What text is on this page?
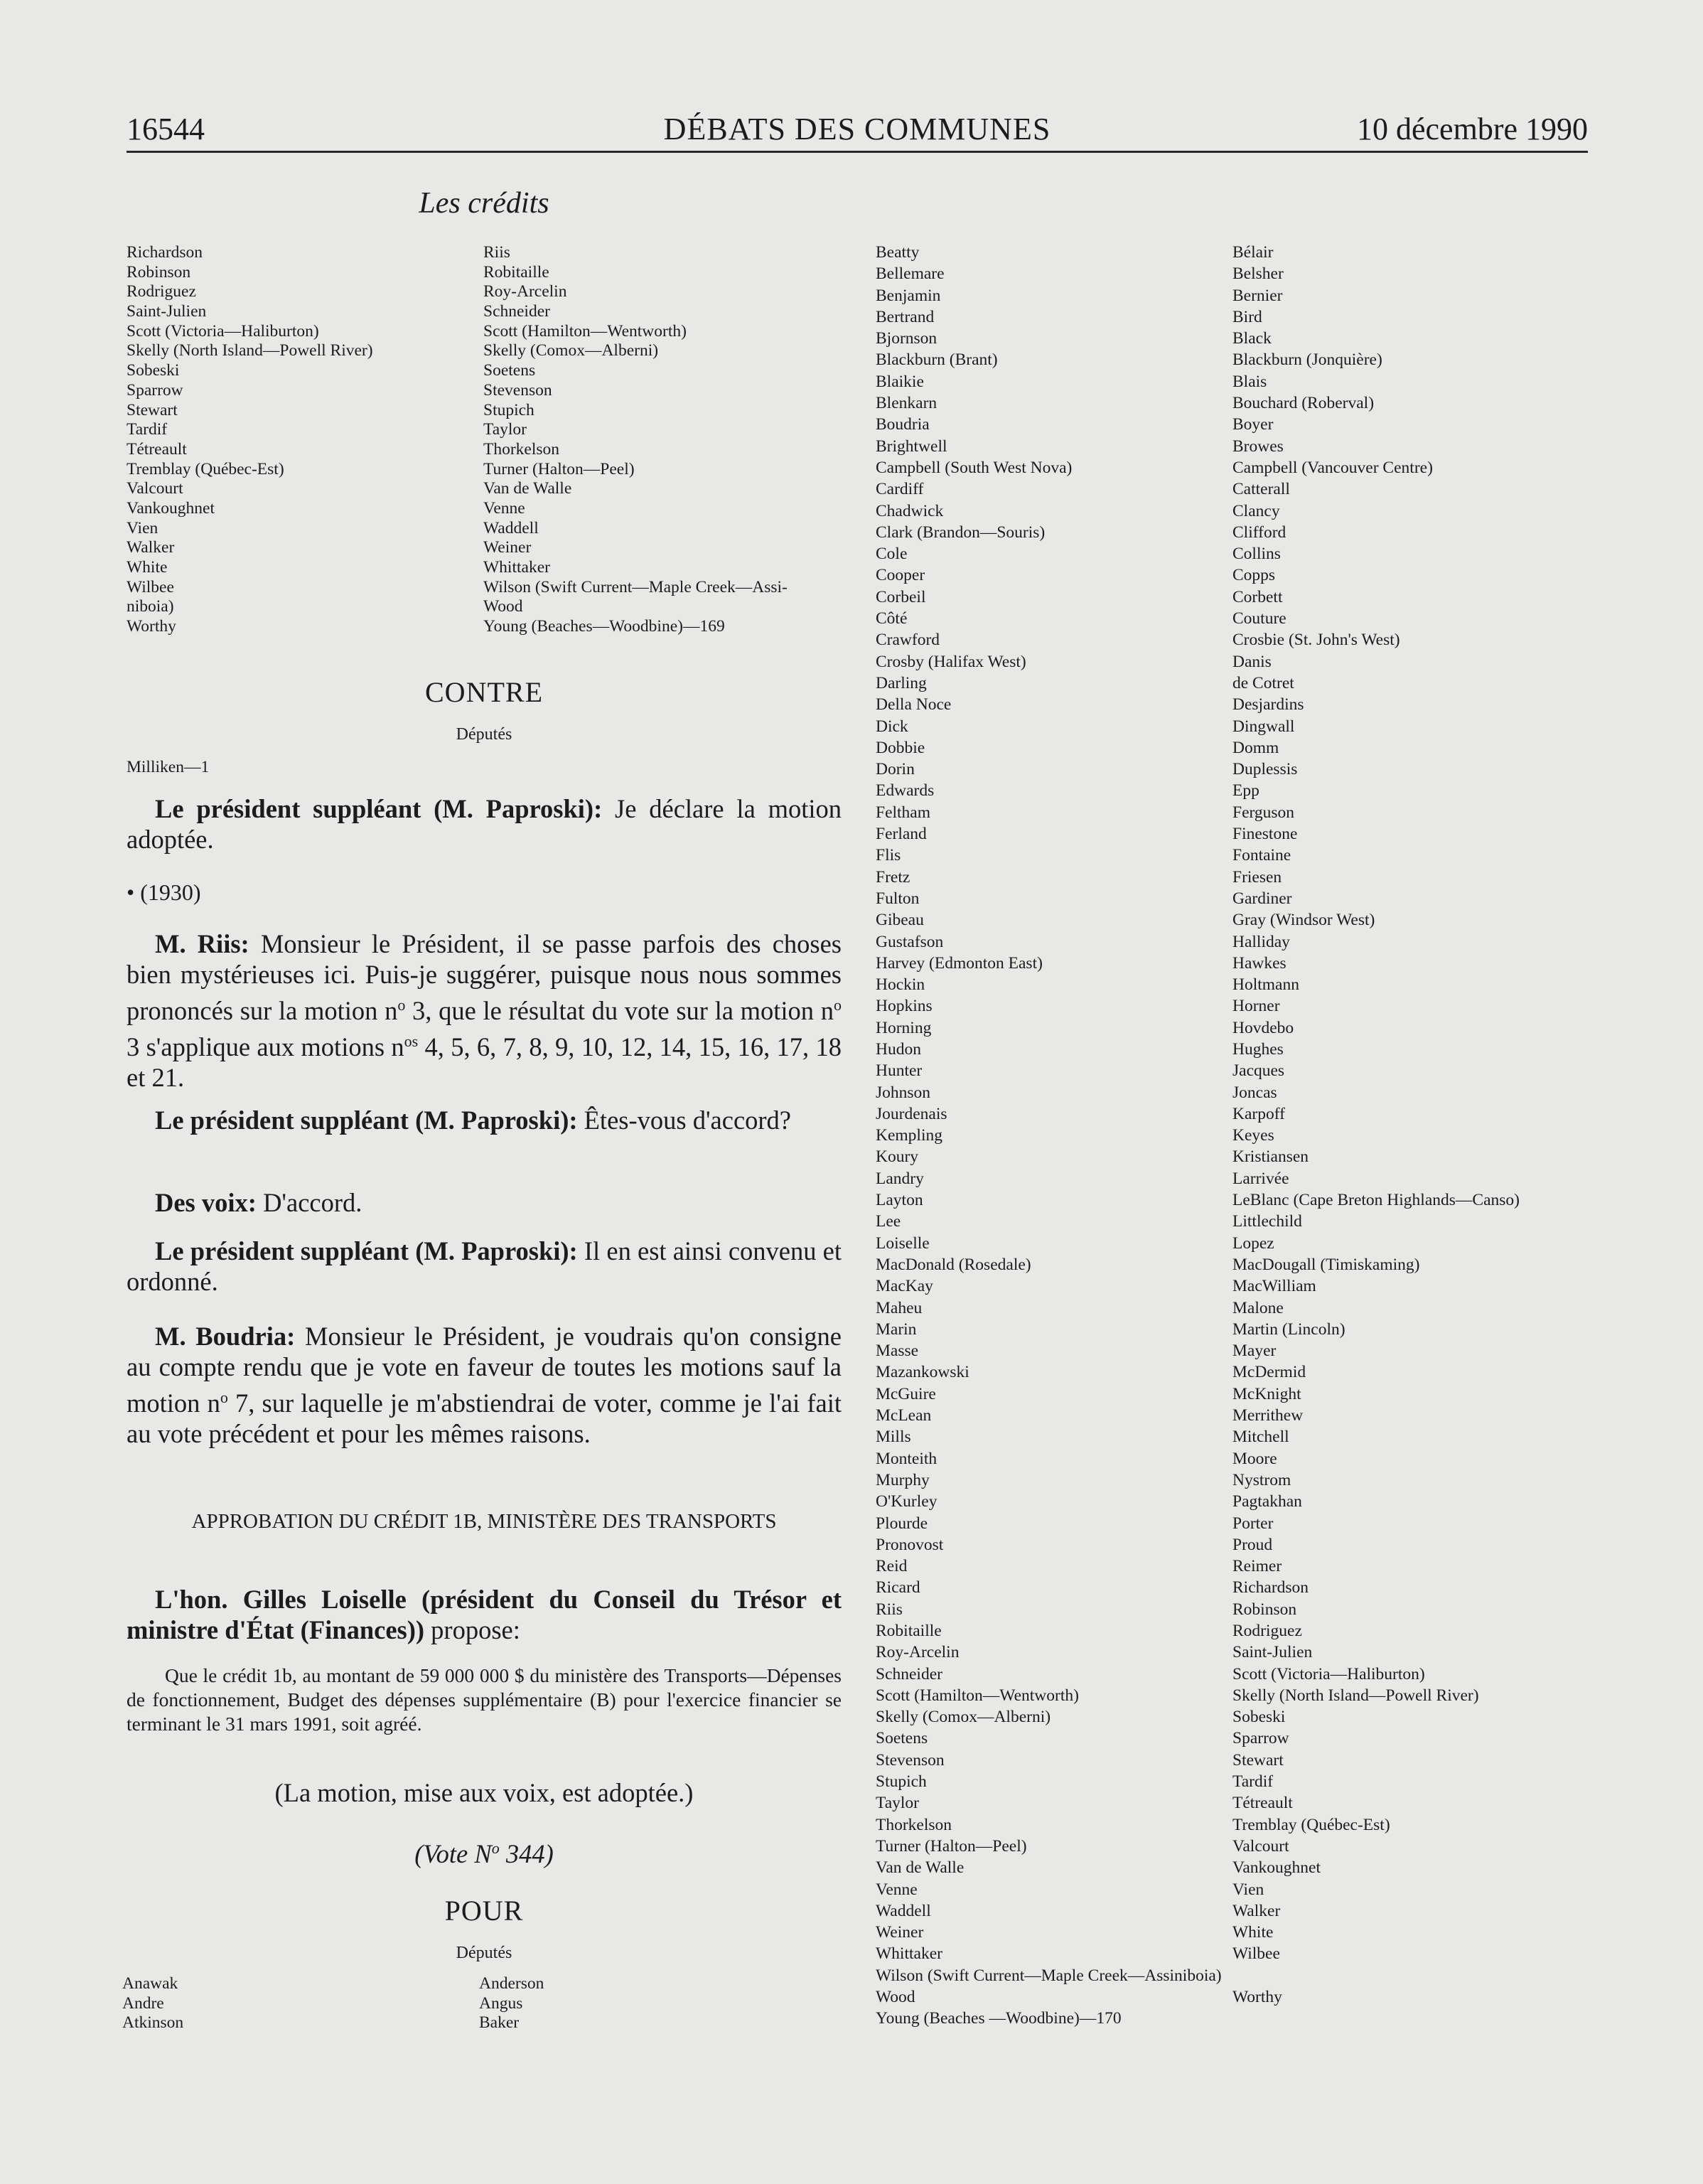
16544	DÉBATS DES COMMUNES	10 décembre 1990
Les crédits
Richardson
Robinson
Rodriguez
Saint-Julien
Scott (Victoria—Haliburton)
Skelly (North Island—Powell River)
Sobeski
Sparrow
Stewart
Tardif
Tétreault
Tremblay (Québec-Est)
Valcourt
Vankoughnet
Vien
Walker
White
Wilbee
niboia)
Worthy
Riis
Robitaille
Roy-Arcelin
Schneider
Scott (Hamilton—Wentworth)
Skelly (Comox—Alberni)
Soetens
Stevenson
Stupich
Taylor
Thorkelson
Turner (Halton—Peel)
Van de Walle
Venne
Waddell
Weiner
Whittaker
Wilson (Swift Current—Maple Creek—Assi-
Wood
Young (Beaches—Woodbine)—169
CONTRE
Députés
Milliken—1
Le président suppléant (M. Paproski): Je déclare la motion adoptée.
• (1930)
M. Riis: Monsieur le Président, il se passe parfois des choses bien mystérieuses ici. Puis-je suggérer, puisque nous nous sommes prononcés sur la motion $n^o$ 3, que le résultat du vote sur la motion $n^o$ 3 s'applique aux motions $n^{os}$ 4, 5, 6, 7, 8, 9, 10, 12, 14, 15, 16, 17, 18 et 21.
Le président suppléant (M. Paproski): Êtes-vous d'accord?
Des voix: D'accord.
Le président suppléant (M. Paproski): Il en est ainsi convenu et ordonné.
M. Boudria: Monsieur le Président, je voudrais qu'on consigne au compte rendu que je vote en faveur de toutes les motions sauf la motion $n^o$ 7, sur laquelle je m'abstiendrai de voter, comme je l'ai fait au vote précédent et pour les mêmes raisons.
APPROBATION DU CRÉDIT 1B, MINISTÈRE DES TRANSPORTS
L'hon. Gilles Loiselle (président du Conseil du Trésor et ministre d'État (Finances)) propose:
Que le crédit 1b, au montant de 59 000 000 $ du ministère des Transports—Dépenses de fonctionnement, Budget des dépenses supplémentaire (B) pour l'exercice financier se terminant le 31 mars 1991, soit agréé.
(La motion, mise aux voix, est adoptée.)
(Vote $N^o$ 344)
POUR
Députés
Anawak
Andre
Atkinson
Anderson
Angus
Baker
Beatty
Bellemare
Benjamin
Bertrand
Bjornson
Blackburn (Brant)
Blaikie
Blenkarn
Boudria
Brightwell
Campbell (South West Nova)
Cardiff
Chadwick
Clark (Brandon—Souris)
Cole
Cooper
Corbeil
Côté
Crawford
Crosby (Halifax West)
Darling
Della Noce
Dick
Dobbie
Dorin
Edwards
Feltham
Ferland
Flis
Fretz
Fulton
Gibeau
Gustafson
Harvey (Edmonton East)
Hockin
Hopkins
Horning
Hudon
Hunter
Johnson
Jourdenais
Kempling
Koury
Landry
Layton
Lee
Loiselle
MacDonald (Rosedale)
MacKay
Maheu
Marin
Masse
Mazankowski
McGuire
McLean
Mills
Monteith
Murphy
O'Kurley
Plourde
Pronovost
Reid
Ricard
Riis
Robitaille
Roy-Arcelin
Schneider
Scott (Hamilton—Wentworth)
Skelly (Comox—Alberni)
Soetens
Stevenson
Stupich
Taylor
Thorkelson
Turner (Halton—Peel)
Van de Walle
Venne
Waddell
Weiner
Whittaker
Wilson (Swift Current—Maple Creek—Assiniboia)
Wood
Young (Beaches —Woodbine)—170
Bélair
Belsher
Bernier
Bird
Black
Blackburn (Jonquière)
Blais
Bouchard (Roberval)
Boyer
Browes
Campbell (Vancouver Centre)
Catterall
Clancy
Clifford
Collins
Copps
Corbett
Couture
Crosbie (St. John's West)
Danis
de Cotret
Desjardins
Dingwall
Domm
Duplessis
Epp
Ferguson
Finestone
Fontaine
Friesen
Gardiner
Gray (Windsor West)
Halliday
Hawkes
Holtmann
Horner
Hovdebo
Hughes
Jacques
Joncas
Karpoff
Keyes
Kristiansen
Larrivée
LeBlanc (Cape Breton Highlands—Canso)
Littlechild
Lopez
MacDougall (Timiskaming)
MacWilliam
Malone
Martin (Lincoln)
Mayer
McDermid
McKnight
Merrithew
Mitchell
Moore
Nystrom
Pagtakhan
Porter
Proud
Reimer
Richardson
Robinson
Rodriguez
Saint-Julien
Scott (Victoria—Haliburton)
Skelly (North Island—Powell River)
Sobeski
Sparrow
Stewart
Tardif
Tétreault
Tremblay (Québec-Est)
Valcourt
Vankoughnet
Vien
Walker
White
Wilbee
Worthy
